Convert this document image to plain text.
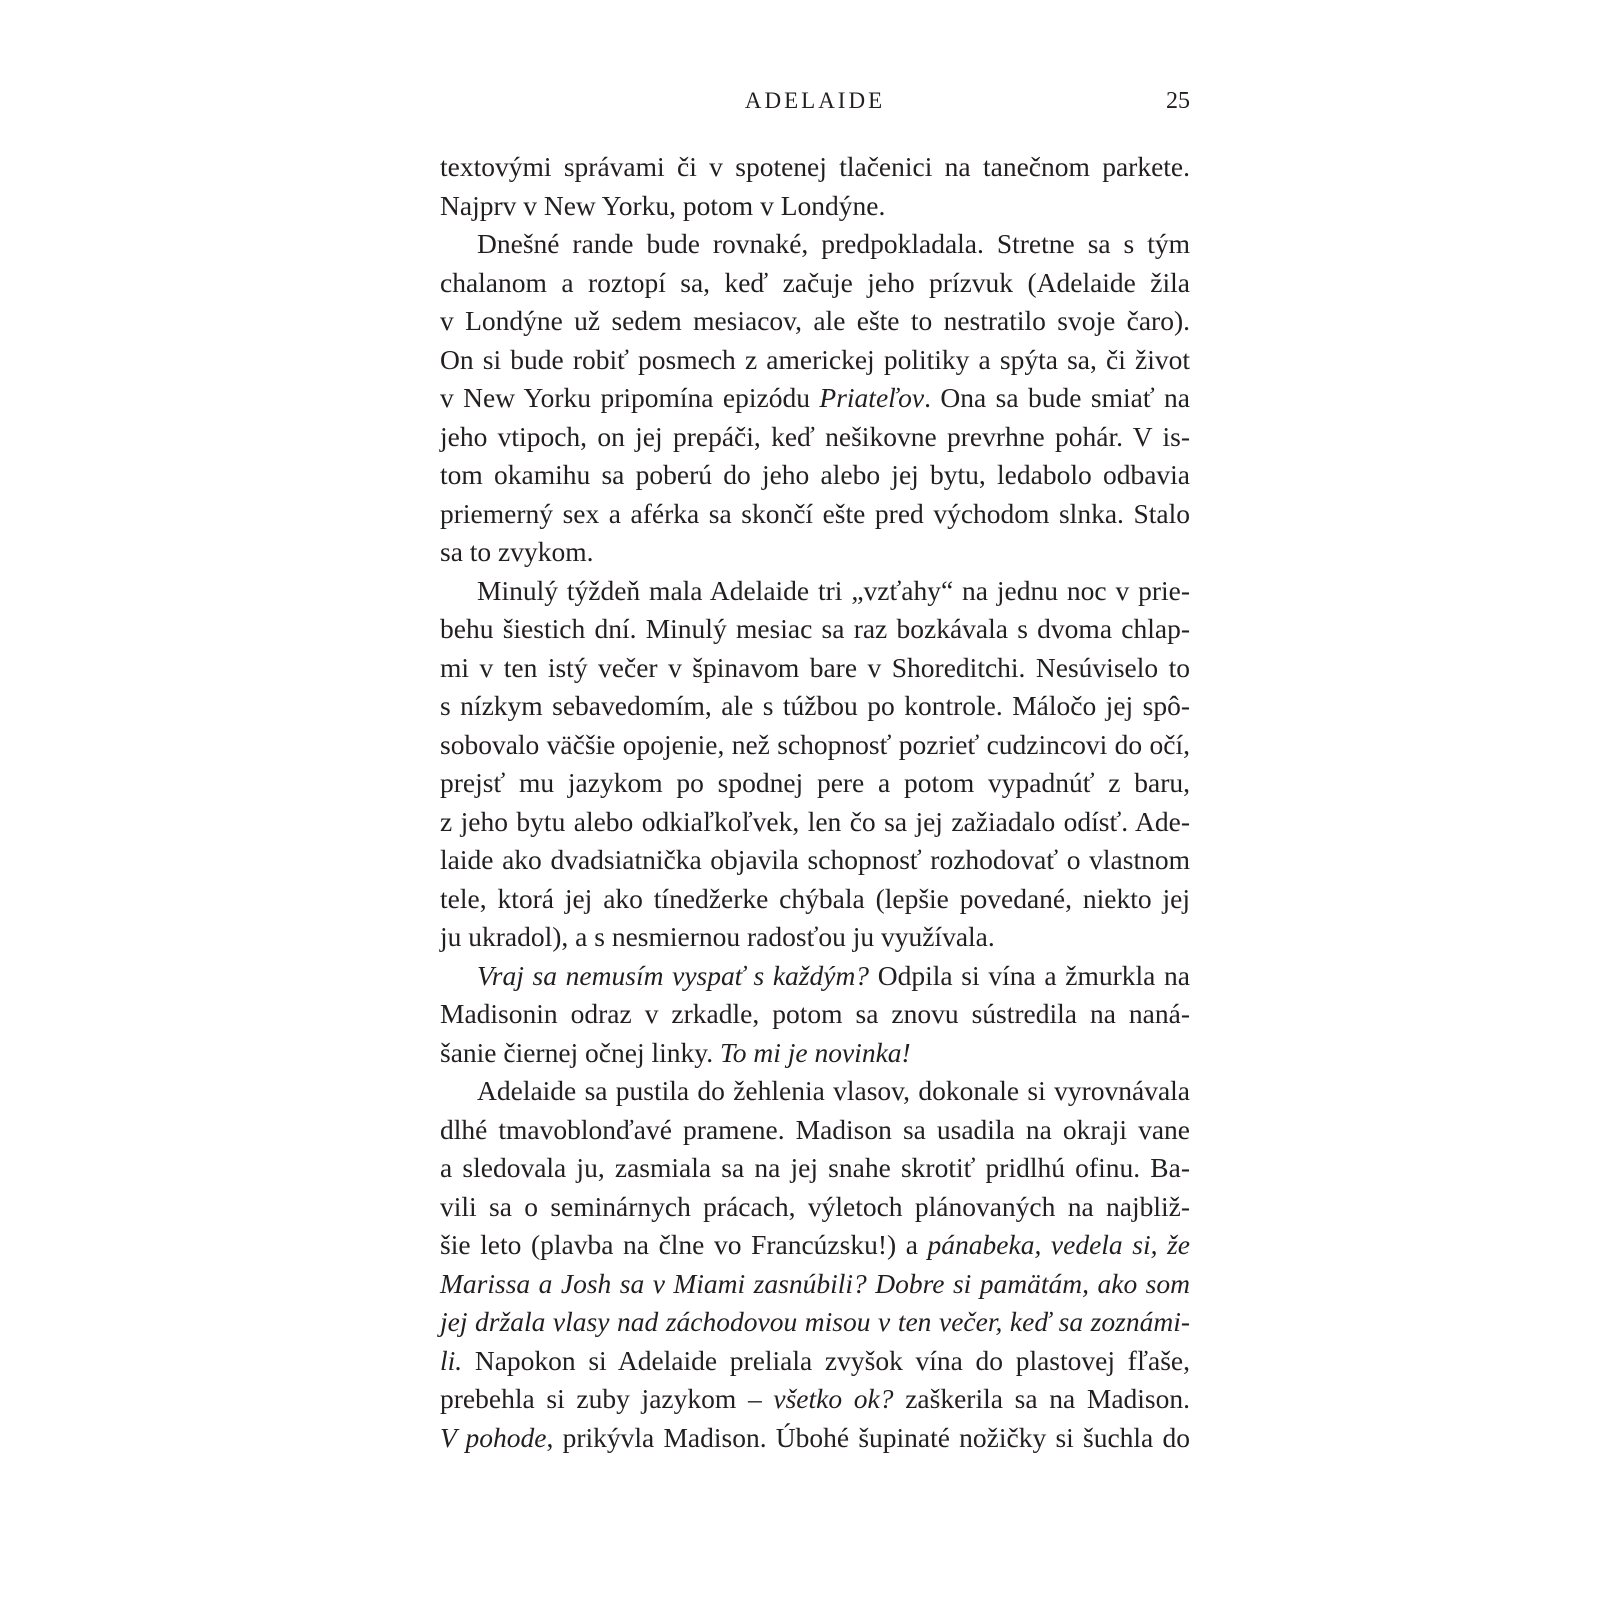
ADELAIDE	25

textovými správami či v spotenej tlačenici na tanečnom parkete.

Najprv v New Yorku, potom v Londýne.

Dnešné rande bude rovnaké, predpokladala. Stretne sa s tým

chalanom a roztopí sa, keď začuje jeho prízvuk (Adelaide žila

v Londýne už sedem mesiacov, ale ešte to nestratilo svoje čaro).

On si bude robiť posmech z americkej politiky a spýta sa, či život

v New Yorku pripomína epizódu Priateľov. Ona sa bude smiať na

jeho vtipoch, on jej prepáči, keď nešikovne prevrhne pohár. V is-

tom okamihu sa poberú do jeho alebo jej bytu, ledabolo odbavia

priemerný sex a aférka sa skončí ešte pred východom slnka. Stalo

sa to zvykom.

Minulý týždeň mala Adelaide tri „vzťahy“ na jednu noc v prie-

behu šiestich dní. Minulý mesiac sa raz bozkávala s dvoma chlap-

mi v ten istý večer v špinavom bare v Shoreditchi. Nesúviselo to

s nízkym sebavedomím, ale s túžbou po kontrole. Máločo jej spô-

sobovalo väčšie opojenie, než schopnosť pozrieť cudzincovi do očí,

prejsť mu jazykom po spodnej pere a potom vypadnúť z baru,

z jeho bytu alebo odkiaľkoľvek, len čo sa jej zažiadalo odísť. Ade-

laide ako dvadsiatnička objavila schopnosť rozhodovať o vlastnom

tele, ktorá jej ako tínedžerke chýbala (lepšie povedané, niekto jej

ju ukradol), a s nesmiernou radosťou ju využívala.

Vraj sa nemusím vyspať s každým? Odpila si vína a žmurkla na

Madisonin odraz v zrkadle, potom sa znovu sústredila na naná-

šanie čiernej očnej linky. To mi je novinka!

Adelaide sa pustila do žehlenia vlasov, dokonale si vyrovnávala

dlhé tmavoblonďavé pramene. Madison sa usadila na okraji vane

a sledovala ju, zasmiala sa na jej snahe skrotiť pridlhú ofinu. Ba-

vili sa o seminárnych prácach, výletoch plánovaných na najbliž-

šie leto (plavba na člne vo Francúzsku!) a pánabeka, vedela si, že

Marissa a Josh sa v Miami zasnúbili? Dobre si pamätám, ako som

jej držala vlasy nad záchodovou misou v ten večer, keď sa zoznámi-

li. Napokon si Adelaide preliala zvyšok vína do plastovej fľaše,

prebehla si zuby jazykom – všetko ok? zaškerila sa na Madison.

V pohode, prikývla Madison. Úbohé šupinaté nožičky si šuchla do
